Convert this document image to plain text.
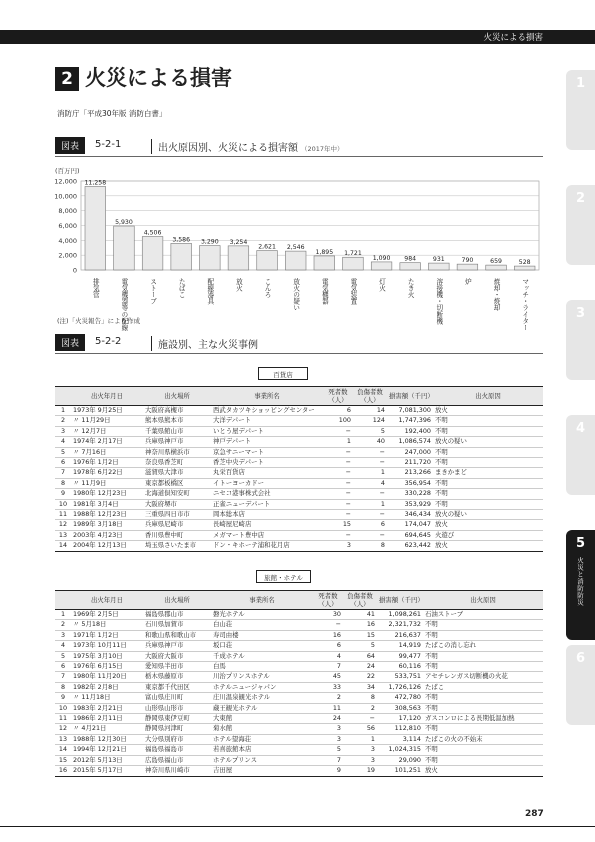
火災による損害
1
2
3
4
5
火災と消防防災
6
2 火災による損害
消防庁「平成30年版 消防白書」
図表	5-2-1	出火原因別、火災による損害額 （2017年中）
(百万円)
0
2,000
4,000
6,000
8,000
10,000
12,000 11,258
5,930
4,506
3,586 3,290 3,254
2,621 2,546
1,895 1,721
1,090 984	931	790	659	528
排気管	電気機器等の配線	ストーブ	たばこ	配線器具	放火	こんろ	放火の疑い	電気機器	電気装置	灯火	たき火	溶接機・切断機	炉	焼却・焼却	マッチ・ライター
(注)「火災報告」により作成
図表	5-2-2	施設別、主な火災事例
百貨店
	出火年月日	出火場所	事業所名	死者数（人）	負傷者数（人）	損害額（千円）	出火原因
1	1973年 9月25日	大阪府高槻市	西武タカツキショッピングセンター	6	14	7,081,300	放火
2	〃 11月29日	熊本県熊本市	大洋デパート	100	124	1,747,396	不明
3	〃 12月7日	千葉県館山市	いとう屋デパート	−	5	192,400	不明
4	1974年 2月17日	兵庫県神戸市	神戸デパート	1	40	1,086,574	放火の疑い
5	〃 7月16日	神奈川県横浜市	京急サニーマート	−	−	247,000	不明
6	1976年 1月2日	奈良県香芝町	香芝中央デパート	−	−	211,720	不明
7	1978年 6月22日	滋賀県大津市	丸栄百貨店	−	1	213,266	まきかまど
8	〃 11月9日	東京都板橋区	イトーヨーカドー	−	4	356,954	不明
9	1980年 12月23日	北海道倶知安町	ニセコ港事株式会社	−	−	330,228	不明
10	1981年 3月4日	大阪府堺市	正雀ニューデパート	−	1	353,929	不明
11	1988年 12月23日	三重県四日市市	岡本総本店	−	−	346,434	放火の疑い
12	1989年 3月18日	兵庫県尼崎市	長崎屋尼崎店	15	6	174,047	放火
13	2003年 4月23日	香川県豊中町	メガマート豊中店	−	−	694,645	火遊び
14	2004年 12月13日	埼玉県さいたま市	ドン・キホーテ浦和花月店	3	8	623,442	放火
旅館・ホテル
	出火年月日	出火場所	事業所名	死者数（人）	負傷者数（人）	損害額（千円）	出火原因
1	1969年 2月5日	福島県郡山市	磐光ホテル	30	41	1,098,261	石油ストーブ
2	〃 5月18日	石川県加賀市	白山荘	−	16	2,321,732	不明
3	1971年 1月2日	和歌山県和歌山市	寿司由楼	16	15	216,637	不明
4	1973年 10月11日	兵庫県神戸市	坂口荘	6	5	14,919	たばこの消し忘れ
5	1975年 3月10日	大阪府大阪市	千成ホテル	4	64	99,477	不明
6	1976年 6月15日	愛知県半田市	白馬	7	24	60,116	不明
7	1980年 11月20日	栃木県藤原市	川治プリンスホテル	45	22	533,751	アセチレンガス切断機の火花
8	1982年 2月8日	東京都千代田区	ホテルニュージャパン	33	34	1,726,126	たばこ
9	〃 11月18日	富山県庄川町	庄川温泉観光ホテル	2	8	472,780	不明
10	1983年 2月21日	山形県山形市	蔵王観光ホテル	11	2	308,563	不明
11	1986年 2月11日	静岡県東伊豆町	大東館	24	−	17,120	ガスコンロによる長期低温加熱
12	〃 4月21日	静岡県河津町	菊水館	3	56	112,810	不明
13	1988年 12月30日	大分県別府市	ホテル望海荘	3	1	3,114	たばこの火の不始末
14	1994年 12月21日	福島県福島市	若喜旅館本店	5	3	1,024,315	不明
15	2012年 5月13日	広島県福山市	ホテルプリンス	7	3	29,090	不明
16	2015年 5月17日	神奈川県川崎市	吉田屋	9	19	101,251	放火
287
